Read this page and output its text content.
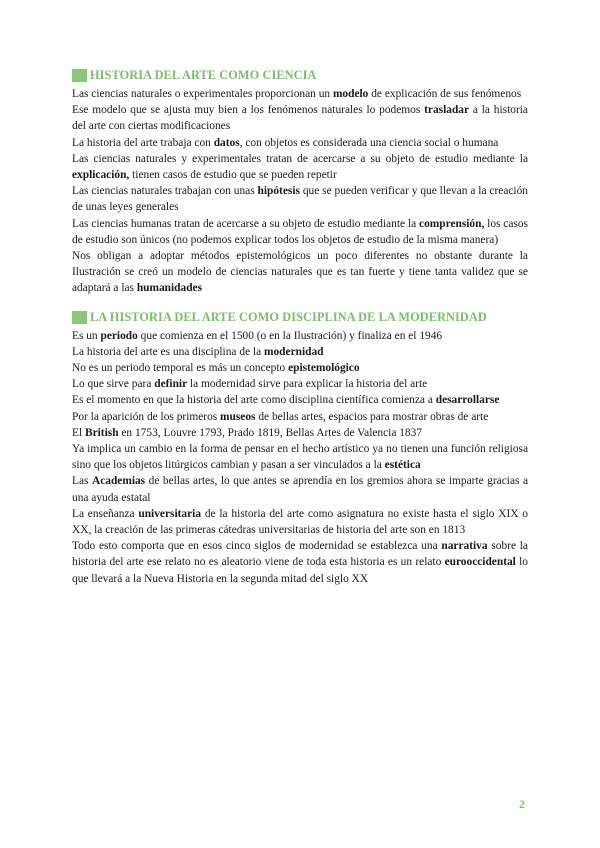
HISTORIA DEL ARTE COMO CIENCIA

Las ciencias naturales o experimentales proporcionan un modelo de explicación de sus fenómenos

Ese modelo que se ajusta muy bien a los fenómenos naturales lo podemos trasladar a la historia del arte con ciertas modificaciones

La historia del arte trabaja con datos, con objetos es considerada una ciencia social o humana

Las ciencias naturales y experimentales tratan de acercarse a su objeto de estudio mediante la explicación, tienen casos de estudio que se pueden repetir

Las ciencias naturales trabajan con unas hipótesis que se pueden verificar y que llevan a la creación de unas leyes generales

Las ciencias humanas tratan de acercarse a su objeto de estudio mediante la comprensión, los casos de estudio son únicos (no podemos explicar todos los objetos de estudio de la misma manera)

Nos obligan a adoptar métodos epistemológicos un poco diferentes no obstante durante la Ilustración se creó un modelo de ciencias naturales que es tan fuerte y tiene tanta validez que se adaptará a las humanidades

LA HISTORIA DEL ARTE COMO DISCIPLINA DE LA MODERNIDAD

Es un periodo que comienza en el 1500 (o en la Ilustración) y finaliza en el 1946

La historia del arte es una disciplina de la modernidad

No es un periodo temporal es más un concepto epistemológico

Lo que sirve para definir la modernidad sirve para explicar la historia del arte

Es el momento en que la historia del arte como disciplina científica comienza a desarrollarse

Por la aparición de los primeros museos de bellas artes, espacios para mostrar obras de arte

El British en 1753, Louvre 1793, Prado 1819, Bellas Artes de Valencia 1837

Ya implica un cambio en la forma de pensar en el hecho artístico ya no tienen una función religiosa sino que los objetos litúrgicos cambian y pasan a ser vinculados a la estética

Las Academias de bellas artes, lo que antes se aprendía en los gremios ahora se imparte gracias a una ayuda estatal

La enseñanza universitaria de la historia del arte como asignatura no existe hasta el siglo XIX o XX, la creación de las primeras cátedras universitarias de historia del arte son en 1813

Todo esto comporta que en esos cinco siglos de modernidad se establezca una narrativa sobre la historia del arte ese relato no es aleatorio viene de toda esta historia es un relato eurooccidental lo que llevará a la Nueva Historia en la segunda mitad del siglo XX

2
